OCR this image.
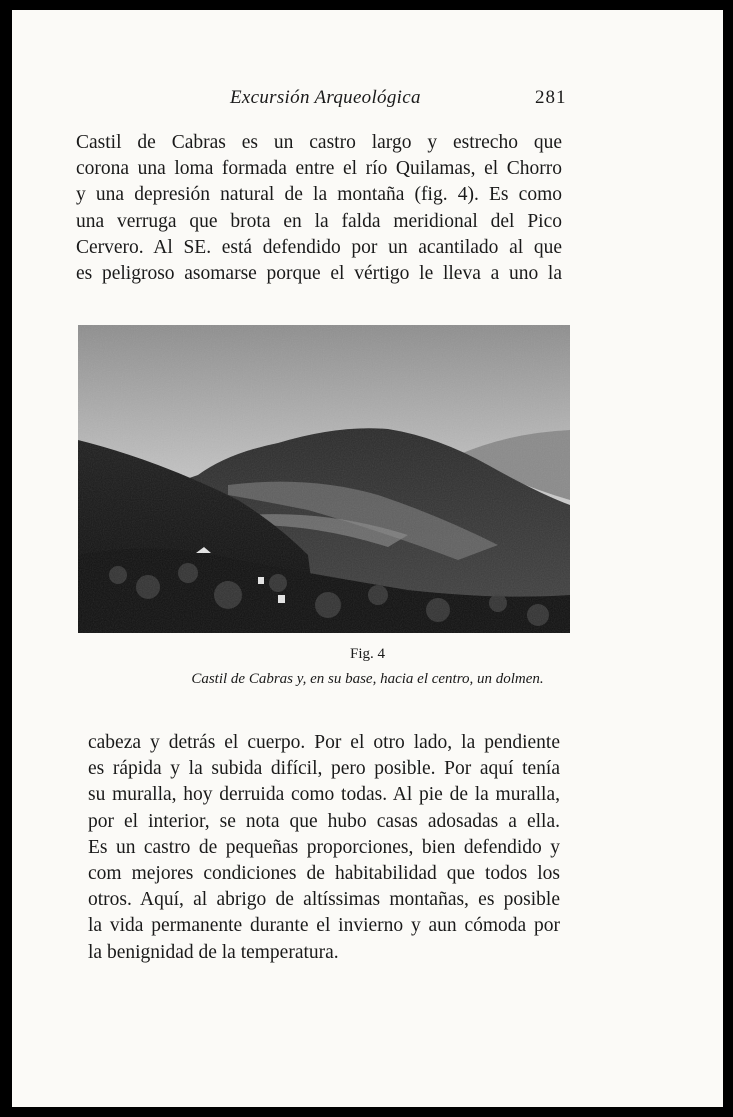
Excursión Arqueológica	281

Castil de Cabras es un castro largo y estrecho que
corona una loma formada entre el río Quilamas, el Chorro
y una depresión natural de la montaña (fig. 4). Es como
una verruga que brota en la falda meridional del Pico
Cervero. Al SE. está defendido por un acantilado al que
es peligroso asomarse porque el vértigo le lleva a uno la

Fig. 4
Castil de Cabras y, en su base, hacia el centro, un dolmen.

cabeza y detrás el cuerpo. Por el otro lado, la pendiente
es rápida y la subida difícil, pero posible. Por aquí tenía
su muralla, hoy derruida como todas. Al pie de la muralla,
por el interior, se nota que hubo casas adosadas a ella.
Es un castro de pequeñas proporciones, bien defendido y
com mejores condiciones de habitabilidad que todos los
otros. Aquí, al abrigo de altíssimas montañas, es posible
la vida permanente durante el invierno y aun cómoda por
la benignidad de la temperatura.
